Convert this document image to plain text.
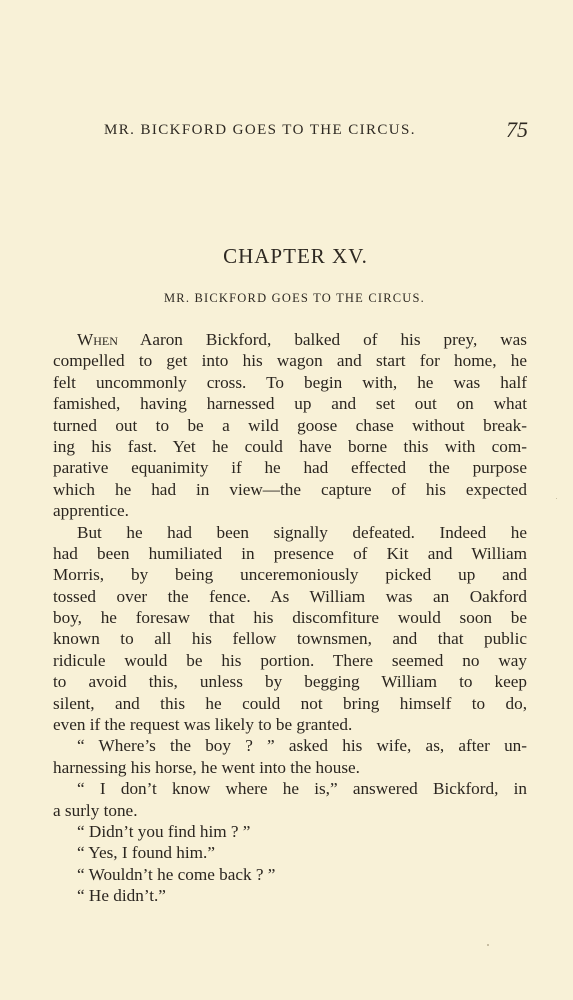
MR. BICKFORD GOES TO THE CIRCUS.	75
CHAPTER XV.
MR. BICKFORD GOES TO THE CIRCUS.
When Aaron Bickford, balked of his prey, was
compelled to get into his wagon and start for home, he
felt uncommonly cross. To begin with, he was half
famished, having harnessed up and set out on what
turned out to be a wild goose chase without break-
ing his fast. Yet he could have borne this with com-
parative equanimity if he had effected the purpose
which he had in view—the capture of his expected
apprentice.
But he had been signally defeated. Indeed he
had been humiliated in presence of Kit and William
Morris, by being unceremoniously picked up and
tossed over the fence. As William was an Oakford
boy, he foresaw that his discomfiture would soon be
known to all his fellow townsmen, and that public
ridicule would be his portion. There seemed no way
to avoid this, unless by begging William to keep
silent, and this he could not bring himself to do,
even if the request was likely to be granted.
“ Where’s the boy ? ” asked his wife, as, after un-
harnessing his horse, he went into the house.
“ I don’t know where he is,” answered Bickford, in
a surly tone.
“ Didn’t you find him ? ”
“ Yes, I found him.”
“ Wouldn’t he come back ? ”
“ He didn’t.”
